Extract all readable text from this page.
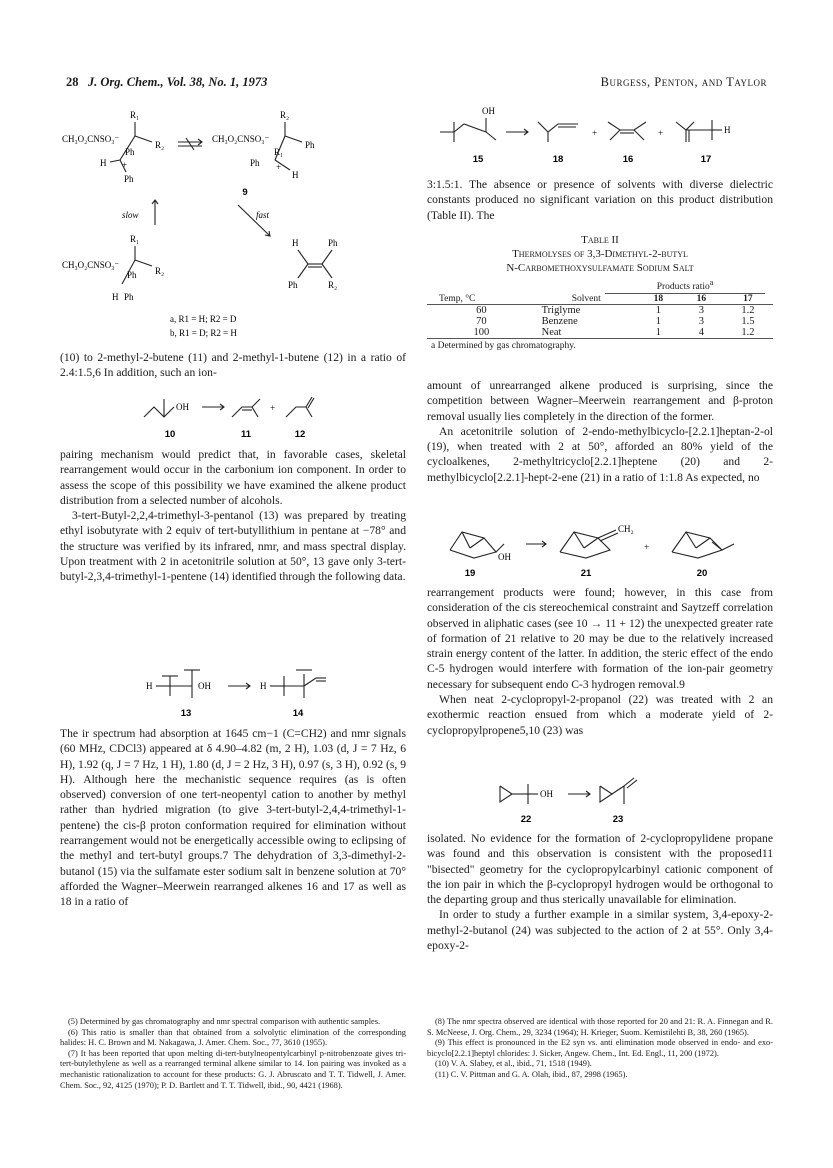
28 J. Org. Chem., Vol. 38, No. 1, 1973	Burgess, Penton, and Taylor
R₁
CH₃O₂CNSO₃⁻
Ph
R₂
H
Ph
+
R₂
CH₃O₂CNSO₃⁻
Ph
R₁
Ph
H
+
9
slow	fast
R₁
CH₃O₂CNSO₃⁻
Ph R₂
H Ph
H	Ph
Ph	R₂
a, R1 = H; R2 = D
b, R1 = D; R2 = H

(10) to 2-methyl-2-butene (11) and 2-methyl-1-butene (12) in a ratio of 2.4:1.5,6 In addition, such an ion-

OH	+
10	11	12

pairing mechanism would predict that, in favorable cases, skeletal rearrangement would occur in the carbonium ion component. In order to assess the scope of this possibility we have examined the alkene product distribution from a selected number of alcohols.

3-tert-Butyl-2,2,4-trimethyl-3-pentanol (13) was prepared by treating ethyl isobutyrate with 2 equiv of tert-butyllithium in pentane at −78° and the structure was verified by its infrared, nmr, and mass spectral display. Upon treatment with 2 in acetonitrile solution at 50°, 13 gave only 3-tert-butyl-2,3,4-trimethyl-1-pentene (14) identified through the following data.

H	OH	H
13	14

The ir spectrum had absorption at 1645 cm−1 (C=CH2) and nmr signals (60 MHz, CDCl3) appeared at δ 4.90–4.82 (m, 2 H), 1.03 (d, J = 7 Hz, 6 H), 1.92 (q, J = 7 Hz, 1 H), 1.80 (d, J = 2 Hz, 3 H), 0.97 (s, 3 H), 0.92 (s, 9 H). Although here the mechanistic sequence requires (as is often observed) conversion of one tert-neopentyl cation to another by methyl rather than hydried migration (to give 3-tert-butyl-2,4,4-trimethyl-1-pentene) the cis-β proton conformation required for elimination without rearrangement would not be energetically accessible owing to eclipsing of the methyl and tert-butyl groups.7 The dehydration of 3,3-dimethyl-2-butanol (15) via the sulfamate ester sodium salt in benzene solution at 70° afforded the Wagner–Meerwein rearranged alkenes 16 and 17 as well as 18 in a ratio of

(5) Determined by gas chromatography and nmr spectral comparison with authentic samples.

(6) This ratio is smaller than that obtained from a solvolytic elimination of the corresponding halides: H. C. Brown and M. Nakagawa, J. Amer. Chem. Soc., 77, 3610 (1955).

(7) It has been reported that upon melting di-tert-butylneopentylcarbinyl p-nitrobenzoate gives tri-tert-butylethylene as well as a rearranged terminal alkene similar to 14. Ion pairing was invoked as a mechanistic rationalization to account for these products: G. J. Abruscato and T. T. Tidwell, J. Amer. Chem. Soc., 92, 4125 (1970); P. D. Bartlett and T. T. Tidwell, ibid., 90, 4421 (1968).

OH
+	+	H
15	18	16	17

3:1.5:1. The absence or presence of solvents with diverse dielectric constants produced no significant variation on this product distribution (Table II). The

Table II
Thermolyses of 3,3-Dimethyl-2-butyl
N-Carbomethoxysulfamate Sodium Salt
Products ratio$^a$
Temp, °C	Solvent	18	16	17
60	Triglyme	1	3	1.2
70	Benzene	1	3	1.5
100	Neat	1	4	1.2
a Determined by gas chromatography.

amount of unrearranged alkene produced is surprising, since the competition between Wagner–Meerwein rearrangement and β-proton removal usually lies completely in the direction of the former.

An acetonitrile solution of 2-endo-methylbicyclo-[2.2.1]heptan-2-ol (19), when treated with 2 at 50°, afforded an 80% yield of the cycloalkenes, 2-methyltricyclo[2.2.1]heptene (20) and 2-methylbicyclo[2.2.1]-hept-2-ene (21) in a ratio of 1:1.8 As expected, no

OH
CH₂
+
19	21	20

rearrangement products were found; however, in this case from consideration of the cis stereochemical constraint and Saytzeff correlation observed in aliphatic cases (see 10 → 11 + 12) the unexpected greater rate of formation of 21 relative to 20 may be due to the relatively increased strain energy content of the latter. In addition, the steric effect of the endo C-5 hydrogen would interfere with formation of the ion-pair geometry necessary for subsequent endo C-3 hydrogen removal.9

When neat 2-cyclopropyl-2-propanol (22) was treated with 2 an exothermic reaction ensued from which a moderate yield of 2-cyclopropylpropene5,10 (23) was

OH
22	23

isolated. No evidence for the formation of 2-cyclopropylidene propane was found and this observation is consistent with the proposed11 "bisected" geometry for the cyclopropylcarbinyl cationic component of the ion pair in which the β-cyclopropyl hydrogen would be orthogonal to the departing group and thus sterically unavailable for elimination.

In order to study a further example in a similar system, 3,4-epoxy-2-methyl-2-butanol (24) was subjected to the action of 2 at 55°. Only 3,4-epoxy-2-

(8) The nmr spectra observed are identical with those reported for 20 and 21: R. A. Finnegan and R. S. McNeese, J. Org. Chem., 29, 3234 (1964); H. Krieger, Suom. Kemistilehti B, 38, 260 (1965).

(9) This effect is pronounced in the E2 syn vs. anti elimination mode observed in endo- and exo-bicyclo[2.2.1]heptyl chlorides: J. Sicker, Angew. Chem., Int. Ed. Engl., 11, 200 (1972).

(10) V. A. Slabey, et al., ibid., 71, 1518 (1949).

(11) C. V. Pittman and G. A. Olah, ibid., 87, 2998 (1965).
